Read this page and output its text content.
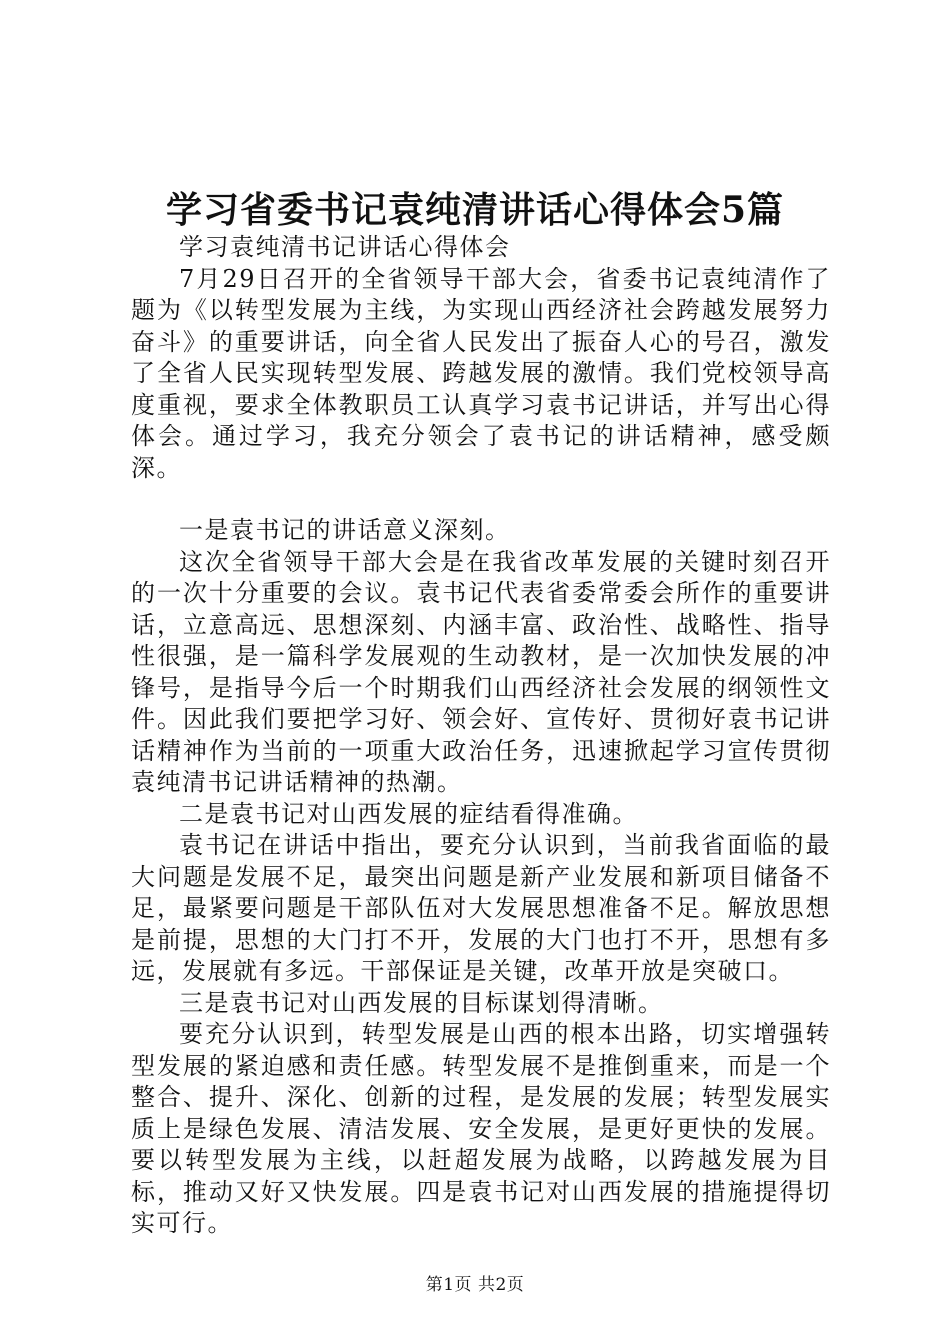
学习省委书记袁纯清讲话心得体会5篇

学习袁纯清书记讲话心得体会

7月29日召开的全省领导干部大会，省委书记袁纯清作了题为《以转型发展为主线，为实现山西经济社会跨越发展努力奋斗》的重要讲话，向全省人民发出了振奋人心的号召，激发了全省人民实现转型发展、跨越发展的激情。我们党校领导高度重视，要求全体教职员工认真学习袁书记讲话，并写出心得体会。通过学习，我充分领会了袁书记的讲话精神，感受颇深。

一是袁书记的讲话意义深刻。

这次全省领导干部大会是在我省改革发展的关键时刻召开的一次十分重要的会议。袁书记代表省委常委会所作的重要讲话，立意高远、思想深刻、内涵丰富、政治性、战略性、指导性很强，是一篇科学发展观的生动教材，是一次加快发展的冲锋号，是指导今后一个时期我们山西经济社会发展的纲领性文件。因此我们要把学习好、领会好、宣传好、贯彻好袁书记讲话精神作为当前的一项重大政治任务，迅速掀起学习宣传贯彻袁纯清书记讲话精神的热潮。

二是袁书记对山西发展的症结看得准确。

袁书记在讲话中指出，要充分认识到，当前我省面临的最大问题是发展不足，最突出问题是新产业发展和新项目储备不足，最紧要问题是干部队伍对大发展思想准备不足。解放思想是前提，思想的大门打不开，发展的大门也打不开，思想有多远，发展就有多远。干部保证是关键，改革开放是突破口。

三是袁书记对山西发展的目标谋划得清晰。

要充分认识到，转型发展是山西的根本出路，切实增强转型发展的紧迫感和责任感。转型发展不是推倒重来，而是一个整合、提升、深化、创新的过程，是发展的发展；转型发展实质上是绿色发展、清洁发展、安全发展，是更好更快的发展。要以转型发展为主线，以赶超发展为战略，以跨越发展为目标，推动又好又快发展。四是袁书记对山西发展的措施提得切实可行。

第1页 共2页
